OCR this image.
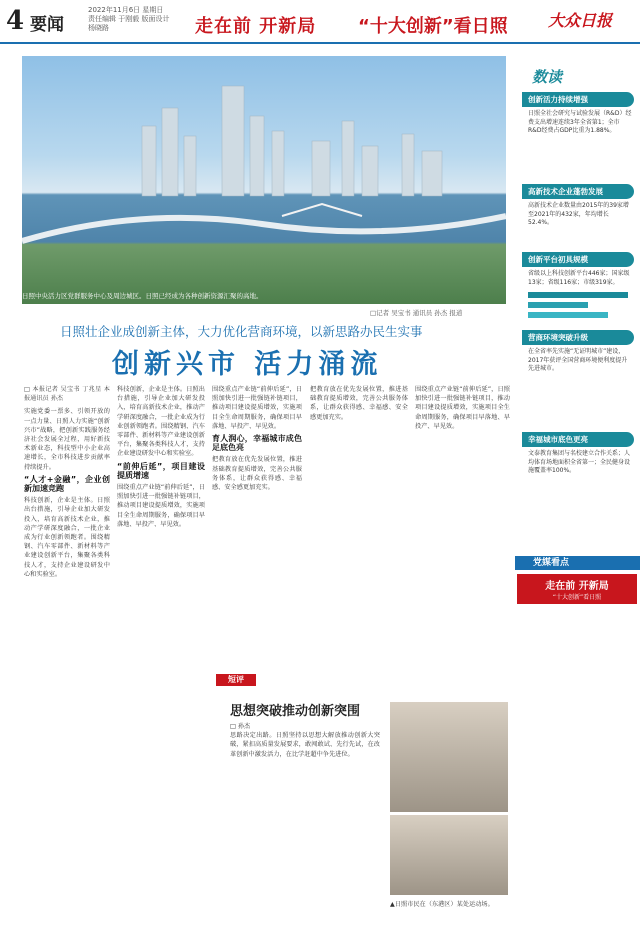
4 要闻
2022年11月6日 星期日
责任编辑 于刚毅 版面设计 杨晓路	走在前 开新局 “十大创新”看日照	大众日报
日照中央活力区党群服务中心及周边城区。日照已经成为各种创新资源汇聚的高地。
□记者 吴宝书 通讯员 孙杰 报道
日照壮企业成创新主体，大力优化营商环境，以新思路办民生实事
创新兴市 活力涌流
□ 本报记者 吴宝书 丁兆星 本报通讯员 孙杰
实施党委一票多、引领开放的一点力量、日照人力实施“创新兴市”战略，把创新实践服务经济社会发展全过程，用好新技术新业态，科技型中小企业高速增长，全市科技进步贡献率持续提升。
“人才+金融”，企业创新加速竞跑
科技创新，企业是主体。日照出台措施，引导企业加大研发投入，培育高新技术企业，推动产学研深度融合，一批企业成为行业创新领跑者。围绕精钢、汽车零部件、新材料等产业建设创新平台，集聚各类科技人才，支持企业建设研发中心和实验室。
科技创新，企业是主体。日照出台措施，引导企业加大研发投入，培育高新技术企业，推动产学研深度融合，一批企业成为行业创新领跑者。围绕精钢、汽车零部件、新材料等产业建设创新平台，集聚各类科技人才，支持企业建设研发中心和实验室。
“前伸后延”，项目建设提质增速
围绕重点产业链“前伸后延”，日照加快引进一批强链补链项目，推动项目建设提质增效，实施项目全生命周期服务，确保项目早落地、早投产、早见效。
围绕重点产业链“前伸后延”，日照加快引进一批强链补链项目，推动项目建设提质增效，实施项目全生命周期服务，确保项目早落地、早投产、早见效。
育人润心，幸福城市成色足底色亮
把教育放在优先发展位置，推进基础教育提质增效，完善公共服务体系，让群众获得感、幸福感、安全感更加充实。
把教育放在优先发展位置，推进基础教育提质增效，完善公共服务体系，让群众获得感、幸福感、安全感更加充实。
围绕重点产业链“前伸后延”，日照加快引进一批强链补链项目，推动项目建设提质增效，实施项目全生命周期服务，确保项目早落地、早投产、早见效。
短评
思想突破推动创新突围
□ 孙杰
思路决定出路。日照坚持以思想大解放推动创新大突破，紧扣高质量发展要求，敢闯敢试、先行先试，在改革创新中激发活力，在比学赶超中争先进位。
▲日照市民在（东港区）某处运动场。
数读
创新活力持续增强
日照全社会研究与试验发展（R&D）经费支出增速连续3年全省第1；全市R&D经费占GDP比重为1.88%。
高新技术企业蓬勃发展
高新技术企业数量由2015年的39家增至2021年的432家，年均增长52.4%。
创新平台初具规模
省级以上科技创新平台446家；国家级13家；省级116家；市级319家。
营商环境突破升级
在全省率先实施“无证明城市”建设，2017年获评全国营商环境便利度提升先进城市。
幸福城市底色更亮
文泰教育集团与名校建立合作关系；人均体育场地面积全省第一；全民健身设施覆盖率100%。
党媒看点
走在前 开新局
“十大创新”看日照
